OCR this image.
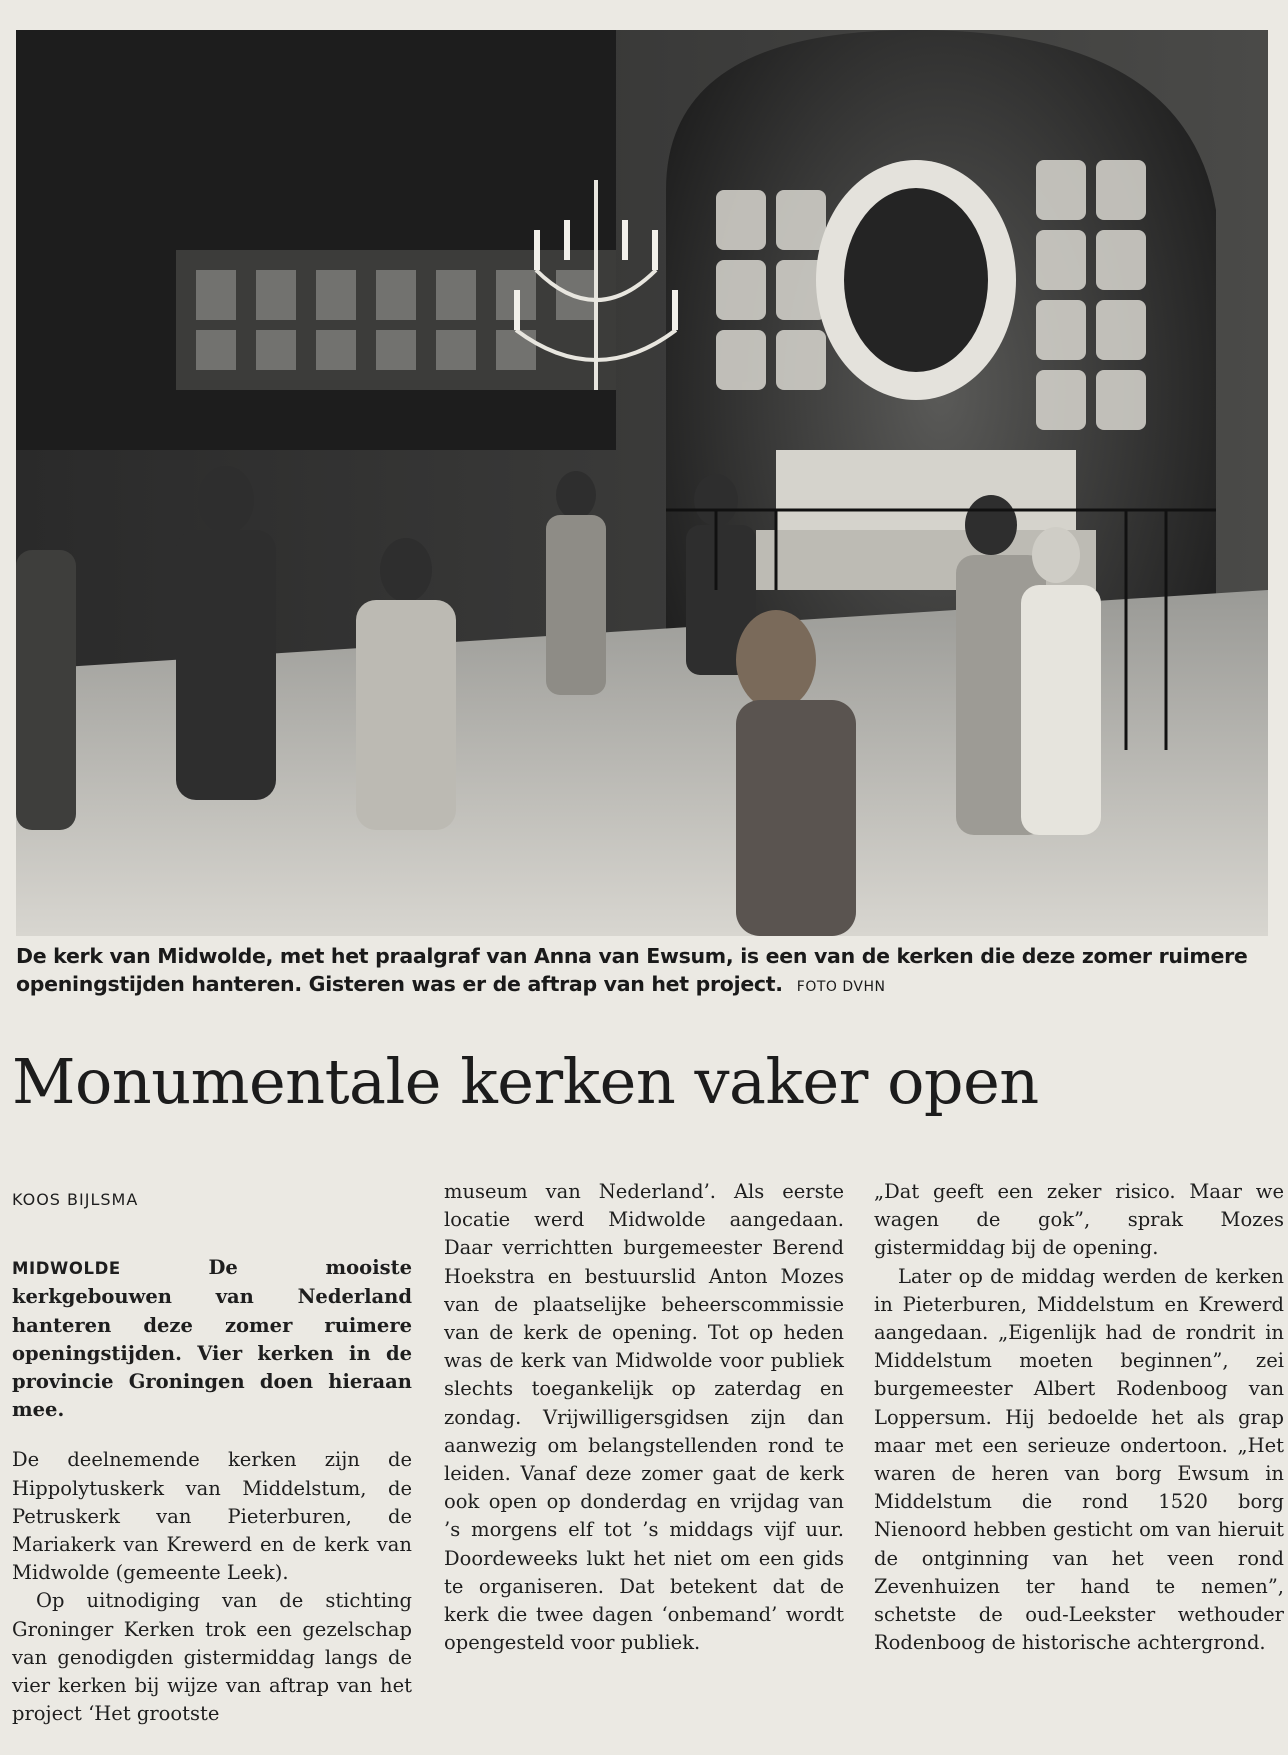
De kerk van Midwolde, met het praalgraf van Anna van Ewsum, is een van de kerken die deze zomer ruimere openingstijden hanteren. Gisteren was er de aftrap van het project. FOTO DVHN
Monumentale kerken vaker open
KOOS BIJLSMA

MIDWOLDE	De mooiste kerkgebouwen van Nederland hanteren deze zomer ruimere openingstijden. Vier kerken in de provincie Groningen doen hieraan mee.

De deelnemende kerken zijn de Hippolytuskerk van Middelstum, de Petruskerk van Pieterburen, de Mariakerk van Krewerd en de kerk van Midwolde (gemeente Leek).

Op uitnodiging van de stichting Groninger Kerken trok een gezelschap van genodigden gistermiddag langs de vier kerken bij wijze van aftrap van het project ‘Het grootste

museum van Nederland’. Als eerste locatie werd Midwolde aangedaan. Daar verrichtten burgemeester Berend Hoekstra en bestuurslid Anton Mozes van de plaatselijke beheerscommissie van de kerk de opening. Tot op heden was de kerk van Midwolde voor publiek slechts toegankelijk op zaterdag en zondag. Vrijwilligersgidsen zijn dan aanwezig om belangstellenden rond te leiden. Vanaf deze zomer gaat de kerk ook open op donderdag en vrijdag van ’s morgens elf tot ’s middags vijf uur. Doordeweeks lukt het niet om een gids te organiseren. Dat betekent dat de kerk die twee dagen ‘onbemand’ wordt opengesteld voor publiek.

„Dat geeft een zeker risico. Maar we wagen de gok”, sprak Mozes gistermiddag bij de opening.

Later op de middag werden de kerken in Pieterburen, Middelstum en Krewerd aangedaan. „Eigenlijk had de rondrit in Middelstum moeten beginnen”, zei burgemeester Albert Rodenboog van Loppersum. Hij bedoelde het als grap maar met een serieuze ondertoon. „Het waren de heren van borg Ewsum in Middelstum die rond 1520 borg Nienoord hebben gesticht om van hieruit de ontginning van het veen rond Zevenhuizen ter hand te nemen”, schetste de oud-Leekster wethouder Rodenboog de historische achtergrond.
